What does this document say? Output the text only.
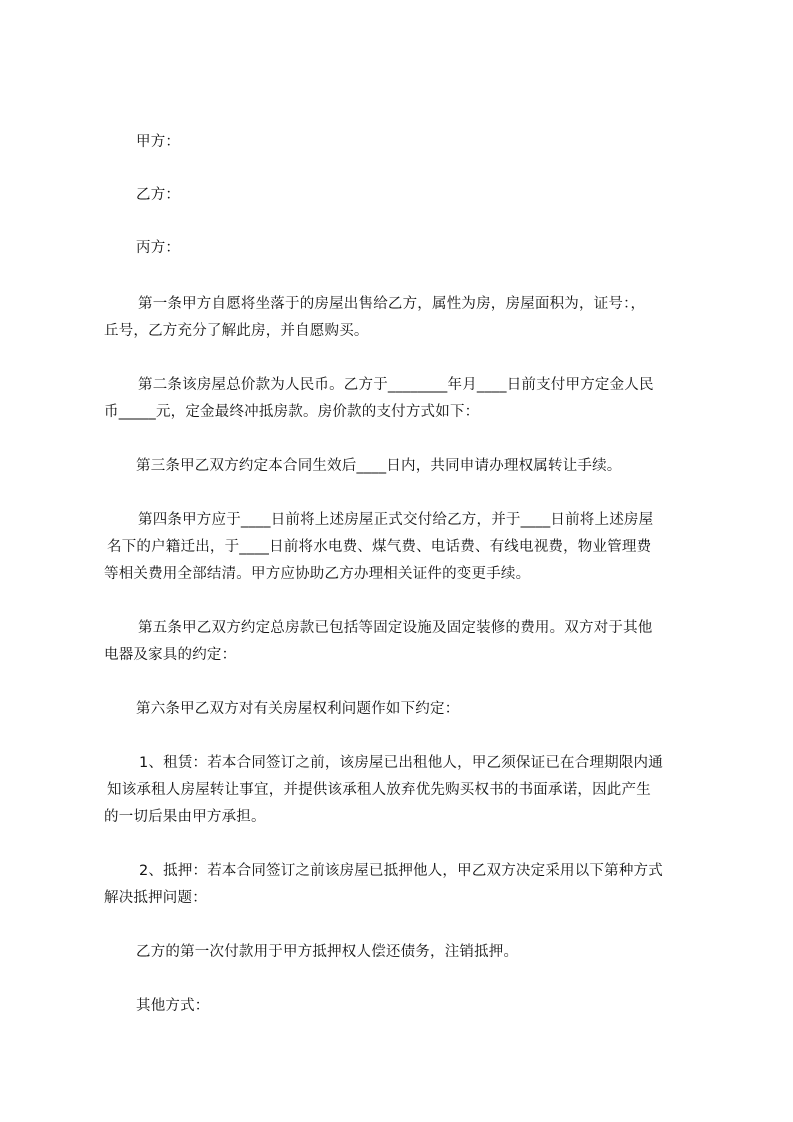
甲方：
乙方：
丙方：
第一条甲方自愿将坐落于的房屋出售给乙方，属性为房，房屋面积为，证号：，
丘号，乙方充分了解此房，并自愿购买。
第二条该房屋总价款为人民币。乙方于________年月____日前支付甲方定金人民
币_____元，定金最终冲抵房款。房价款的支付方式如下：
第三条甲乙双方约定本合同生效后____日内，共同申请办理权属转让手续。
第四条甲方应于____日前将上述房屋正式交付给乙方，并于____日前将上述房屋
名下的户籍迁出，于____日前将水电费、煤气费、电话费、有线电视费，物业管理费
等相关费用全部结清。甲方应协助乙方办理相关证件的变更手续。
第五条甲乙双方约定总房款已包括等固定设施及固定装修的费用。双方对于其他
电器及家具的约定：
第六条甲乙双方对有关房屋权利问题作如下约定：
1、租赁：若本合同签订之前，该房屋已出租他人，甲乙须保证已在合理期限内通
知该承租人房屋转让事宜，并提供该承租人放弃优先购买权书的书面承诺，因此产生
的一切后果由甲方承担。
2、抵押：若本合同签订之前该房屋已抵押他人，甲乙双方决定采用以下第种方式
解决抵押问题：
乙方的第一次付款用于甲方抵押权人偿还债务，注销抵押。
其他方式：
